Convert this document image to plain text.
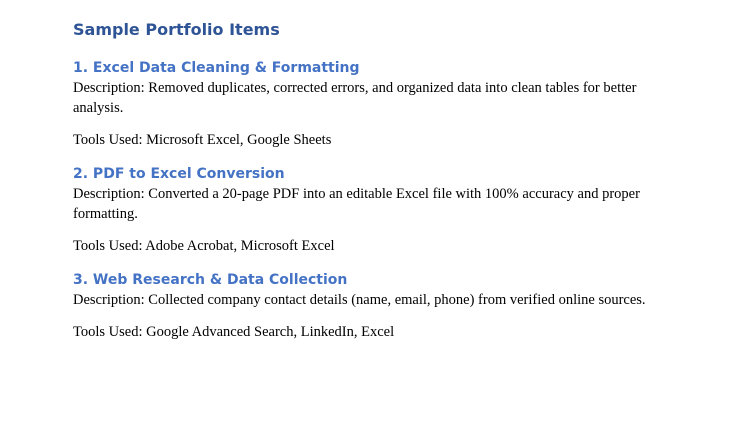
Sample Portfolio Items
1. Excel Data Cleaning & Formatting

Description: Removed duplicates, corrected errors, and organized data into clean tables for better analysis.

Tools Used: Microsoft Excel, Google Sheets

2. PDF to Excel Conversion

Description: Converted a 20-page PDF into an editable Excel file with 100% accuracy and proper formatting.

Tools Used: Adobe Acrobat, Microsoft Excel

3. Web Research & Data Collection

Description: Collected company contact details (name, email, phone) from verified online sources.

Tools Used: Google Advanced Search, LinkedIn, Excel
